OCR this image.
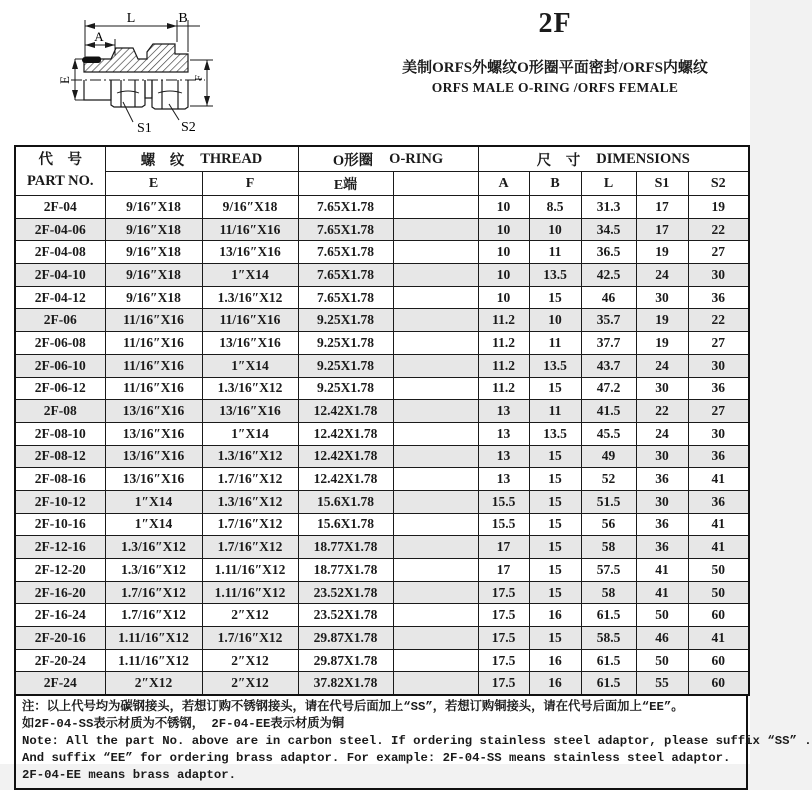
L	B
A
E	F
S1 S2

2F

美制ORFS外螺纹O形圈平面密封/ORFS内螺纹

ORFS MALE O-RING /ORFS FEMALE

代　号
PART NO.

螺　纹 THREAD	O形圈 O-RING	尺　寸 DIMENSIONS

	E	F	E端		A	B	L	S1	S2
2F-04	9/16″X18	9/16″X18	7.65X1.78		10	8.5	31.3	17	19
2F-04-06	9/16″X18	11/16″X16	7.65X1.78		10	10	34.5	17	22
2F-04-08	9/16″X18	13/16″X16	7.65X1.78		10	11	36.5	19	27
2F-04-10	9/16″X18	1″X14	7.65X1.78		10	13.5	42.5	24	30
2F-04-12	9/16″X18	1.3/16″X12	7.65X1.78		10	15	46	30	36
2F-06	11/16″X16	11/16″X16	9.25X1.78		11.2	10	35.7	19	22
2F-06-08	11/16″X16	13/16″X16	9.25X1.78		11.2	11	37.7	19	27
2F-06-10	11/16″X16	1″X14	9.25X1.78		11.2	13.5	43.7	24	30
2F-06-12	11/16″X16	1.3/16″X12	9.25X1.78		11.2	15	47.2	30	36
2F-08	13/16″X16	13/16″X16	12.42X1.78		13	11	41.5	22	27
2F-08-10	13/16″X16	1″X14	12.42X1.78		13	13.5	45.5	24	30
2F-08-12	13/16″X16	1.3/16″X12	12.42X1.78		13	15	49	30	36
2F-08-16	13/16″X16	1.7/16″X12	12.42X1.78		13	15	52	36	41
2F-10-12	1″X14	1.3/16″X12	15.6X1.78		15.5	15	51.5	30	36
2F-10-16	1″X14	1.7/16″X12	15.6X1.78		15.5	15	56	36	41
2F-12-16	1.3/16″X12	1.7/16″X12	18.77X1.78		17	15	58	36	41
2F-12-20	1.3/16″X12	1.11/16″X12	18.77X1.78		17	15	57.5	41	50
2F-16-20	1.7/16″X12	1.11/16″X12	23.52X1.78		17.5	15	58	41	50
2F-16-24	1.7/16″X12	2″X12	23.52X1.78		17.5	16	61.5	50	60
2F-20-16	1.11/16″X12	1.7/16″X12	29.87X1.78		17.5	15	58.5	46	41
2F-20-24	1.11/16″X12	2″X12	29.87X1.78		17.5	16	61.5	50	60
2F-24	2″X12	2″X12	37.82X1.78		17.5	16	61.5	55	60

注：以上代号均为碳钢接头，若想订购不锈钢接头，请在代号后面加上“SS”，若想订购铜接头，请在代号后面加上“EE”。

如2F-04-SS表示材质为不锈钢， 2F-04-EE表示材质为铜

Note: All the part No. above are in carbon steel. If ordering stainless steel adaptor, please suffix “SS” .

And suffix “EE” for ordering brass adaptor. For example: 2F-04-SS means stainless steel adaptor.

2F-04-EE means brass adaptor.
